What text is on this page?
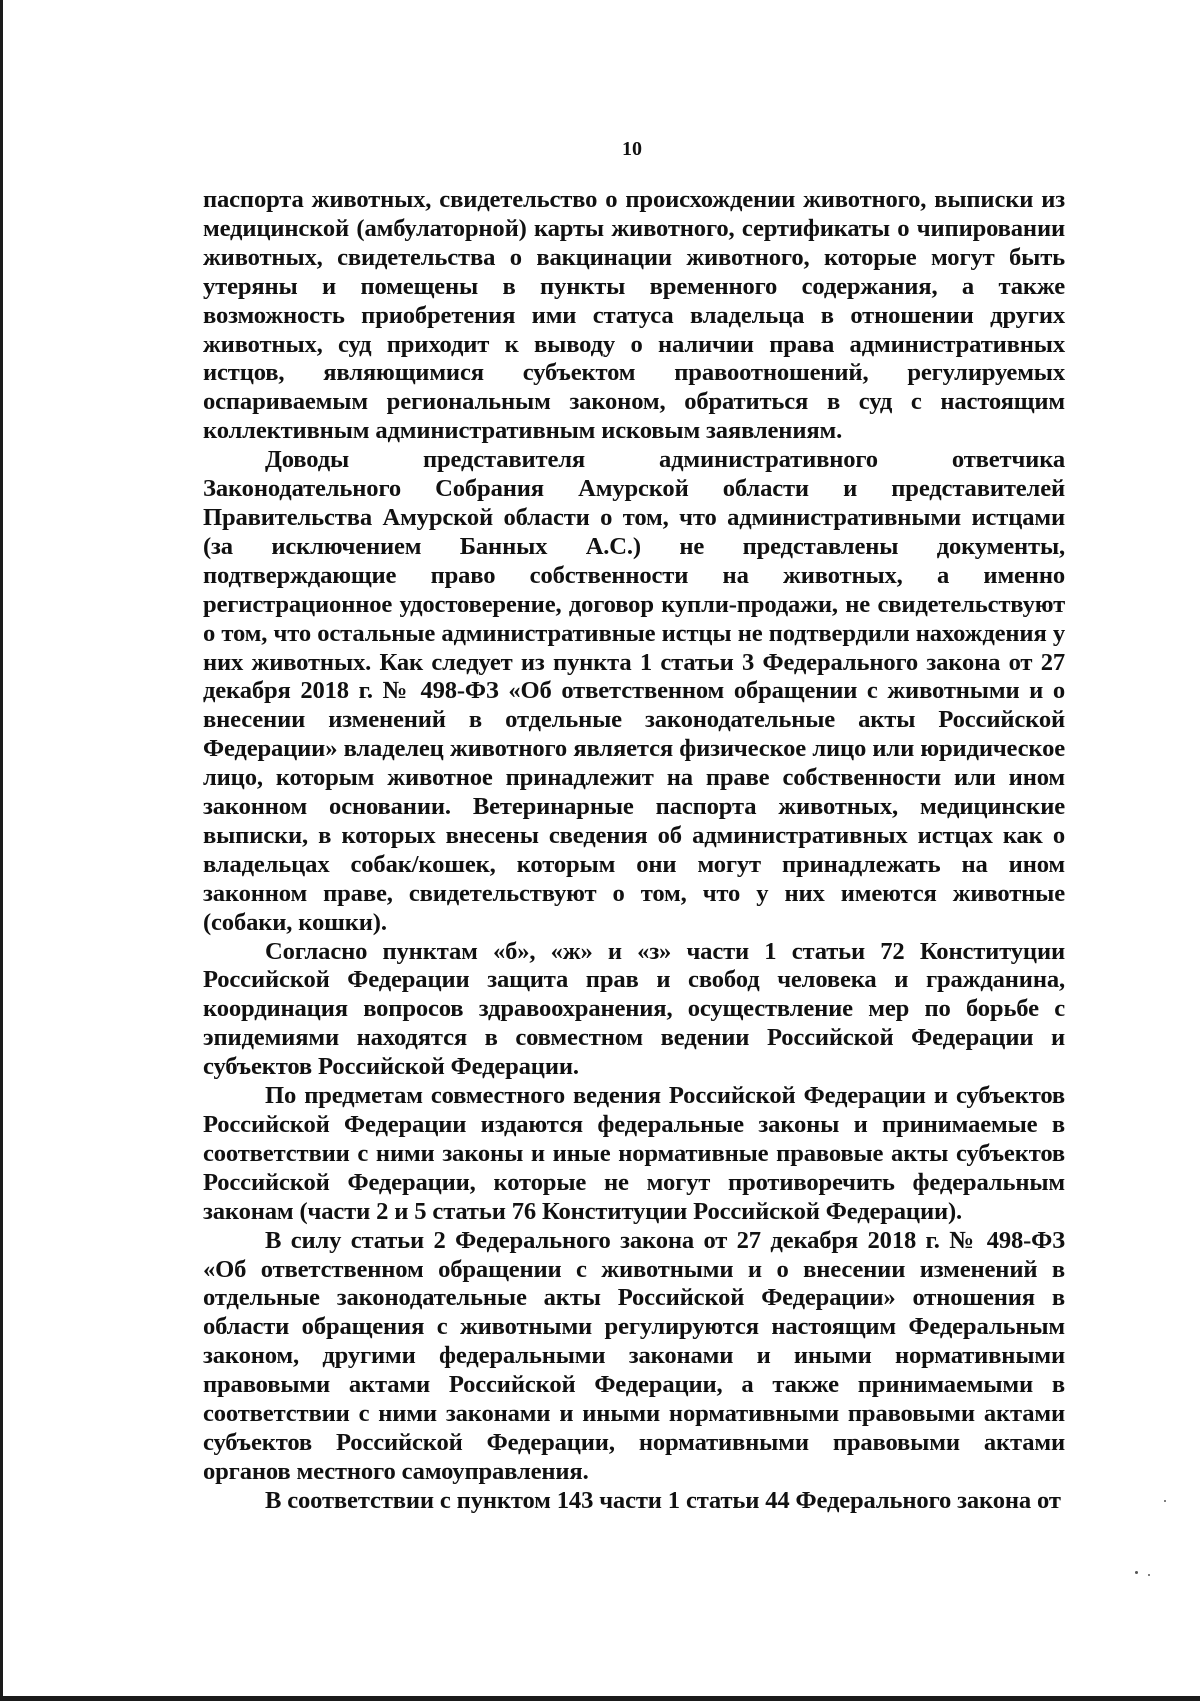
10

паспорта животных, свидетельство о происхождении животного, выписки из медицинской (амбулаторной) карты животного, сертификаты о чипировании животных, свидетельства о вакцинации животного, которые могут быть утеряны и помещены в пункты временного содержания, а также возможность приобретения ими статуса владельца в отношении других животных, суд приходит к выводу о наличии права административных истцов, являющимися субъектом правоотношений, регулируемых оспариваемым региональным законом, обратиться в суд с настоящим коллективным административным исковым заявлениям.

Доводы представителя административного ответчика Законодательного Собрания Амурской области и представителей Правительства Амурской области о том, что административными истцами (за исключением Банных А.С.) не представлены документы, подтверждающие право собственности на животных, а именно регистрационное удостоверение, договор купли-продажи, не свидетельствуют о том, что остальные административные истцы не подтвердили нахождения у них животных. Как следует из пункта 1 статьи 3 Федерального закона от 27 декабря 2018 г. № 498-ФЗ «Об ответственном обращении с животными и о внесении изменений в отдельные законодательные акты Российской Федерации» владелец животного является физическое лицо или юридическое лицо, которым животное принадлежит на праве собственности или ином законном основании. Ветеринарные паспорта животных, медицинские выписки, в которых внесены сведения об административных истцах как о владельцах собак/кошек, которым они могут принадлежать на ином законном праве, свидетельствуют о том, что у них имеются животные (собаки, кошки).

Согласно пунктам «б», «ж» и «з» части 1 статьи 72 Конституции Российской Федерации защита прав и свобод человека и гражданина, координация вопросов здравоохранения, осуществление мер по борьбе с эпидемиями находятся в совместном ведении Российской Федерации и субъектов Российской Федерации.

По предметам совместного ведения Российской Федерации и субъектов Российской Федерации издаются федеральные законы и принимаемые в соответствии с ними законы и иные нормативные правовые акты субъектов Российской Федерации, которые не могут противоречить федеральным законам (части 2 и 5 статьи 76 Конституции Российской Федерации).

В силу статьи 2 Федерального закона от 27 декабря 2018 г. № 498-ФЗ «Об ответственном обращении с животными и о внесении изменений в отдельные законодательные акты Российской Федерации» отношения в области обращения с животными регулируются настоящим Федеральным законом, другими федеральными законами и иными нормативными правовыми актами Российской Федерации, а также принимаемыми в соответствии с ними законами и иными нормативными правовыми актами субъектов Российской Федерации, нормативными правовыми актами органов местного самоуправления.

В соответствии с пунктом 143 части 1 статьи 44 Федерального закона от
